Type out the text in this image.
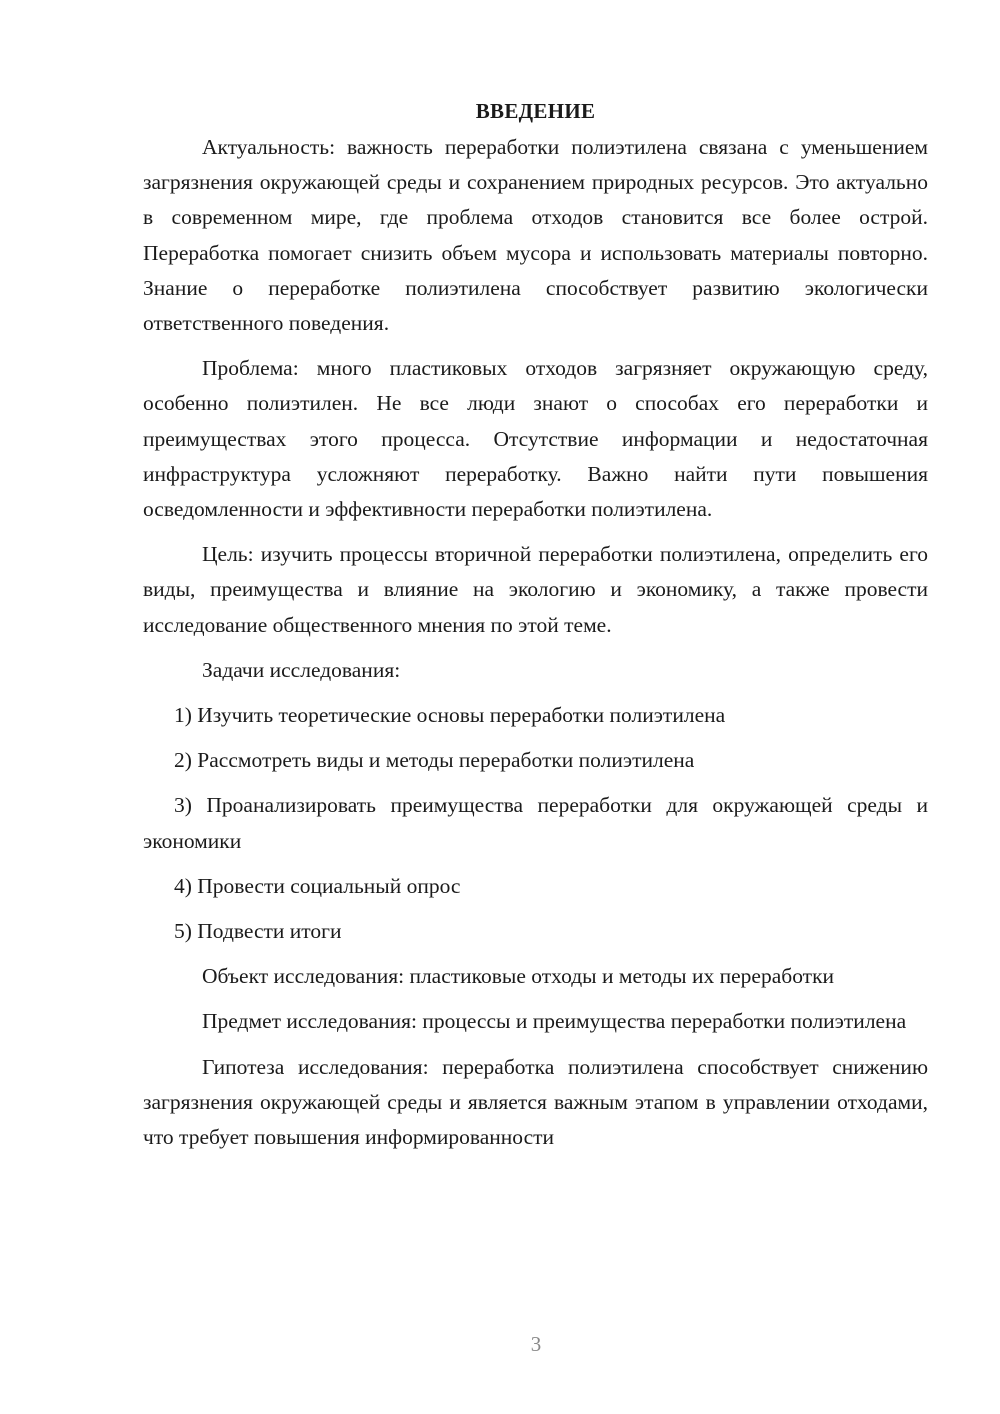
ВВЕДЕНИЕ

Актуальность: важность переработки полиэтилена связана с уменьшением загрязнения окружающей среды и сохранением природных ресурсов. Это актуально в современном мире, где проблема отходов становится все более острой. Переработка помогает снизить объем мусора и использовать материалы повторно. Знание о переработке полиэтилена способствует развитию экологически ответственного поведения.

Проблема: много пластиковых отходов загрязняет окружающую среду, особенно полиэтилен. Не все люди знают о способах его переработки и преимуществах этого процесса. Отсутствие информации и недостаточная инфраструктура усложняют переработку. Важно найти пути повышения осведомленности и эффективности переработки полиэтилена.

Цель: изучить процессы вторичной переработки полиэтилена, определить его виды, преимущества и влияние на экологию и экономику, а также провести исследование общественного мнения по этой теме.

Задачи исследования:

1) Изучить теоретические основы переработки полиэтилена

2) Рассмотреть виды и методы переработки полиэтилена

3) Проанализировать преимущества переработки для окружающей среды и экономики

4) Провести социальный опрос

5) Подвести итоги

Объект исследования: пластиковые отходы и методы их переработки

Предмет исследования: процессы и преимущества переработки полиэтилена

Гипотеза исследования: переработка полиэтилена способствует снижению загрязнения окружающей среды и является важным этапом в управлении отходами, что требует повышения информированности

3
